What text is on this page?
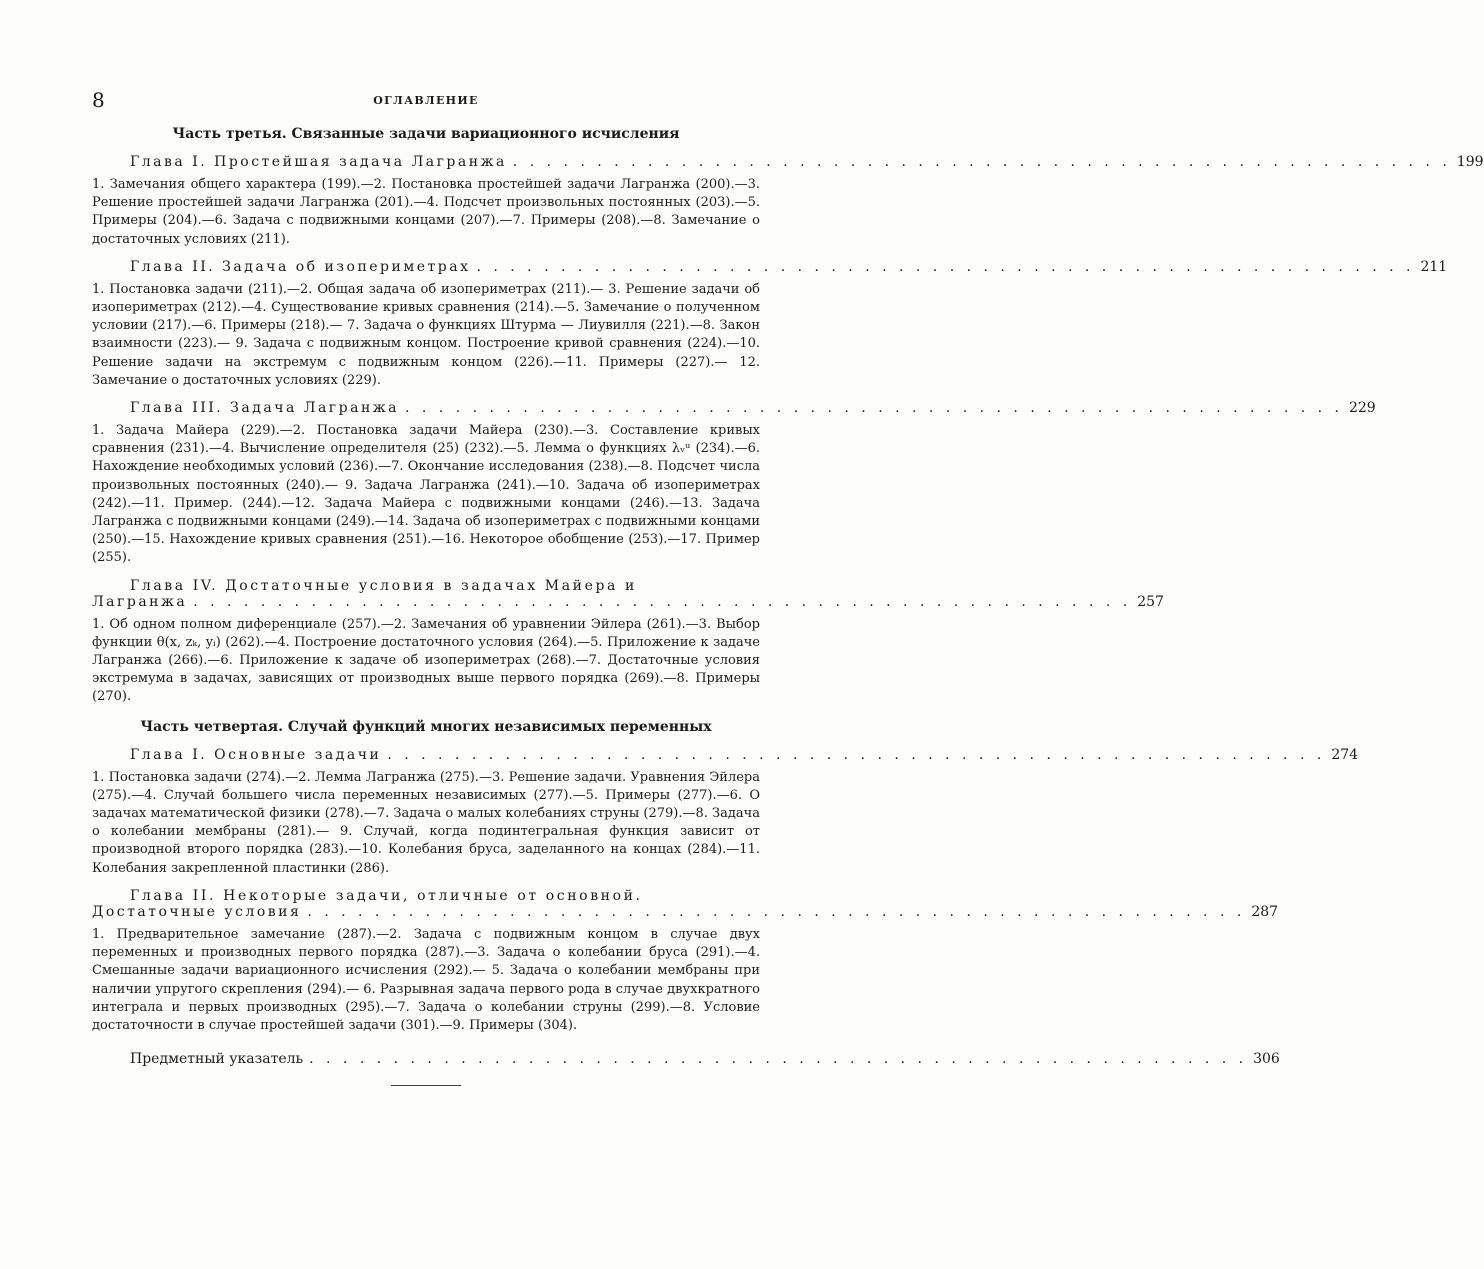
8	ОГЛАВЛЕНИЕ
Часть третья. Связанные задачи вариационного исчисления
Глава I. Простейшая задача Лагранжа . . . . . . . . . . . . . . . . . . . . . . . . . . . . . . . . . . . . . . . . . . . . . . . . . . . . . . . . 199
1. Замечания общего характера (199).—2. Постановка простейшей задачи Лагранжа (200).—3. Решение простейшей задачи Лагранжа (201).—4. Подсчет произвольных постоянных (203).—5. Примеры (204).—6. Задача с подвижными концами (207).—7. Примеры (208).—8. Замечание о достаточных условиях (211).
Глава II. Задача об изопериметрах . . . . . . . . . . . . . . . . . . . . . . . . . . . . . . . . . . . . . . . . . . . . . . . . . . . . . . . . 211
1. Постановка задачи (211).—2. Общая задача об изопериметрах (211).— 3. Решение задачи об изопериметрах (212).—4. Существование кривых сравнения (214).—5. Замечание о полученном условии (217).—6. Примеры (218).— 7. Задача о функциях Штурма — Лиувилля (221).—8. Закон взаимности (223).— 9. Задача с подвижным концом. Построение кривой сравнения (224).—10. Решение задачи на экстремум с подвижным концом (226).—11. Примеры (227).— 12. Замечание о достаточных условиях (229).
Глава III. Задача Лагранжа . . . . . . . . . . . . . . . . . . . . . . . . . . . . . . . . . . . . . . . . . . . . . . . . . . . . . . . . 229
1. Задача Майера (229).—2. Постановка задачи Майера (230).—3. Составление кривых сравнения (231).—4. Вычисление определителя (25) (232).—5. Лемма о функциях λᵥᵘ (234).—6. Нахождение необходимых условий (236).—7. Окончание исследования (238).—8. Подсчет числа произвольных постоянных (240).— 9. Задача Лагранжа (241).—10. Задача об изопериметрах (242).—11. Пример. (244).—12. Задача Майера с подвижными концами (246).—13. Задача Лагранжа с подвижными концами (249).—14. Задача об изопериметрах с подвижными концами (250).—15. Нахождение кривых сравнения (251).—16. Некоторое обобщение (253).—17. Пример (255).
Глава IV. Достаточные условия в задачах Майера и
Лагранжа . . . . . . . . . . . . . . . . . . . . . . . . . . . . . . . . . . . . . . . . . . . . . . . . . . . . . . . . 257
1. Об одном полном диференциале (257).—2. Замечания об уравнении Эйлера (261).—3. Выбор функции θ(x, zₖ, yᵢ) (262).—4. Построение достаточного условия (264).—5. Приложение к задаче Лагранжа (266).—6. Приложение к задаче об изопериметрах (268).—7. Достаточные условия экстремума в задачах, зависящих от производных выше первого порядка (269).—8. Примеры (270).
Часть четвертая. Случай функций многих независимых переменных
Глава I. Основные задачи . . . . . . . . . . . . . . . . . . . . . . . . . . . . . . . . . . . . . . . . . . . . . . . . . . . . . . . . 274
1. Постановка задачи (274).—2. Лемма Лагранжа (275).—3. Решение задачи. Уравнения Эйлера (275).—4. Случай большего числа переменных независимых (277).—5. Примеры (277).—6. О задачах математической физики (278).—7. Задача о малых колебаниях струны (279).—8. Задача о колебании мембраны (281).— 9. Случай, когда подинтегральная функция зависит от производной второго порядка (283).—10. Колебания бруса, заделанного на концах (284).—11. Колебания закрепленной пластинки (286).
Глава II. Некоторые задачи, отличные от основной.
Достаточные условия . . . . . . . . . . . . . . . . . . . . . . . . . . . . . . . . . . . . . . . . . . . . . . . . . . . . . . . . 287
1. Предварительное замечание (287).—2. Задача с подвижным концом в случае двух переменных и производных первого порядка (287).—3. Задача о колебании бруса (291).—4. Смешанные задачи вариационного исчисления (292).— 5. Задача о колебании мембраны при наличии упругого скрепления (294).— 6. Разрывная задача первого рода в случае двухкратного интеграла и первых производных (295).—7. Задача о колебании струны (299).—8. Условие достаточности в случае простейшей задачи (301).—9. Примеры (304).
Предметный указатель . . . . . . . . . . . . . . . . . . . . . . . . . . . . . . . . . . . . . . . . . . . . . . . . . . . . . . . . 306
